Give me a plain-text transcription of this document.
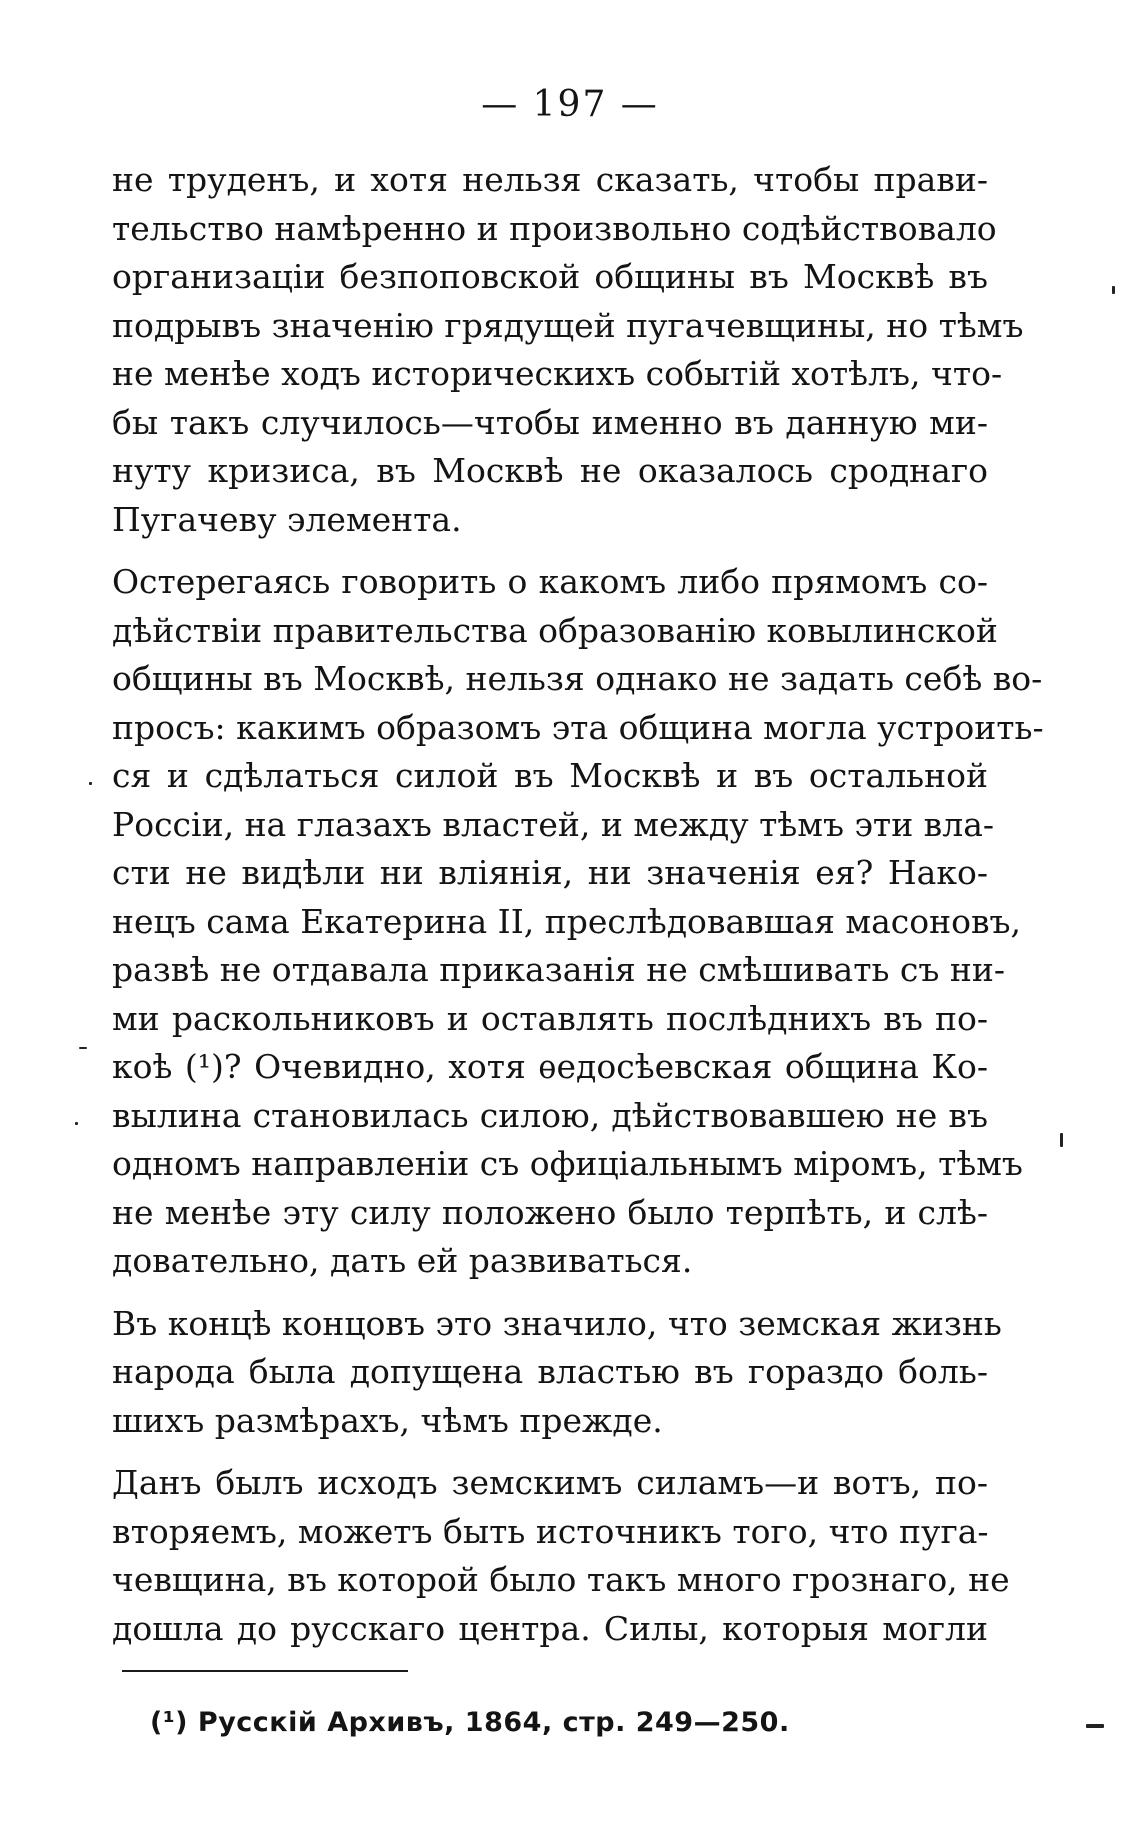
— 197 —
не труденъ, и хотя нельзя сказать, чтобы прави-
тельство намѣренно и произвольно содѣйствовало
организаціи безпоповской общины въ Москвѣ въ
подрывъ значенію грядущей пугачевщины, но тѣмъ
не менѣе ходъ историческихъ событій хотѣлъ, что-
бы такъ случилось—чтобы именно въ данную ми-
нуту кризиса, въ Москвѣ не оказалось сроднаго
Пугачеву элемента.
Остерегаясь говорить о какомъ либо прямомъ со-
дѣйствіи правительства образованію ковылинской
общины въ Москвѣ, нельзя однако не задать себѣ во-
просъ: какимъ образомъ эта община могла устроить-
ся и сдѣлаться силой въ Москвѣ и въ остальной
Россіи, на глазахъ властей, и между тѣмъ эти вла-
сти не видѣли ни вліянія, ни значенія ея? Нако-
нецъ сама Екатерина II, преслѣдовавшая масоновъ,
развѣ не отдавала приказанія не смѣшивать съ ни-
ми раскольниковъ и оставлять послѣднихъ въ по-
коѣ (¹)? Очевидно, хотя ѳедосѣевская община Ко-
вылина становилась силою, дѣйствовавшею не въ
одномъ направленіи съ офиціальнымъ міромъ, тѣмъ
не менѣе эту силу положено было терпѣть, и слѣ-
довательно, дать ей развиваться.
Въ концѣ концовъ это значило, что земская жизнь
народа была допущена властью въ гораздо боль-
шихъ размѣрахъ, чѣмъ прежде.
Данъ былъ исходъ земскимъ силамъ—и вотъ, по-
вторяемъ, можетъ быть источникъ того, что пуга-
чевщина, въ которой было такъ много грознаго, не
дошла до русскаго центра. Силы, которыя могли
(¹) Русскій Архивъ, 1864, стр. 249—250.
